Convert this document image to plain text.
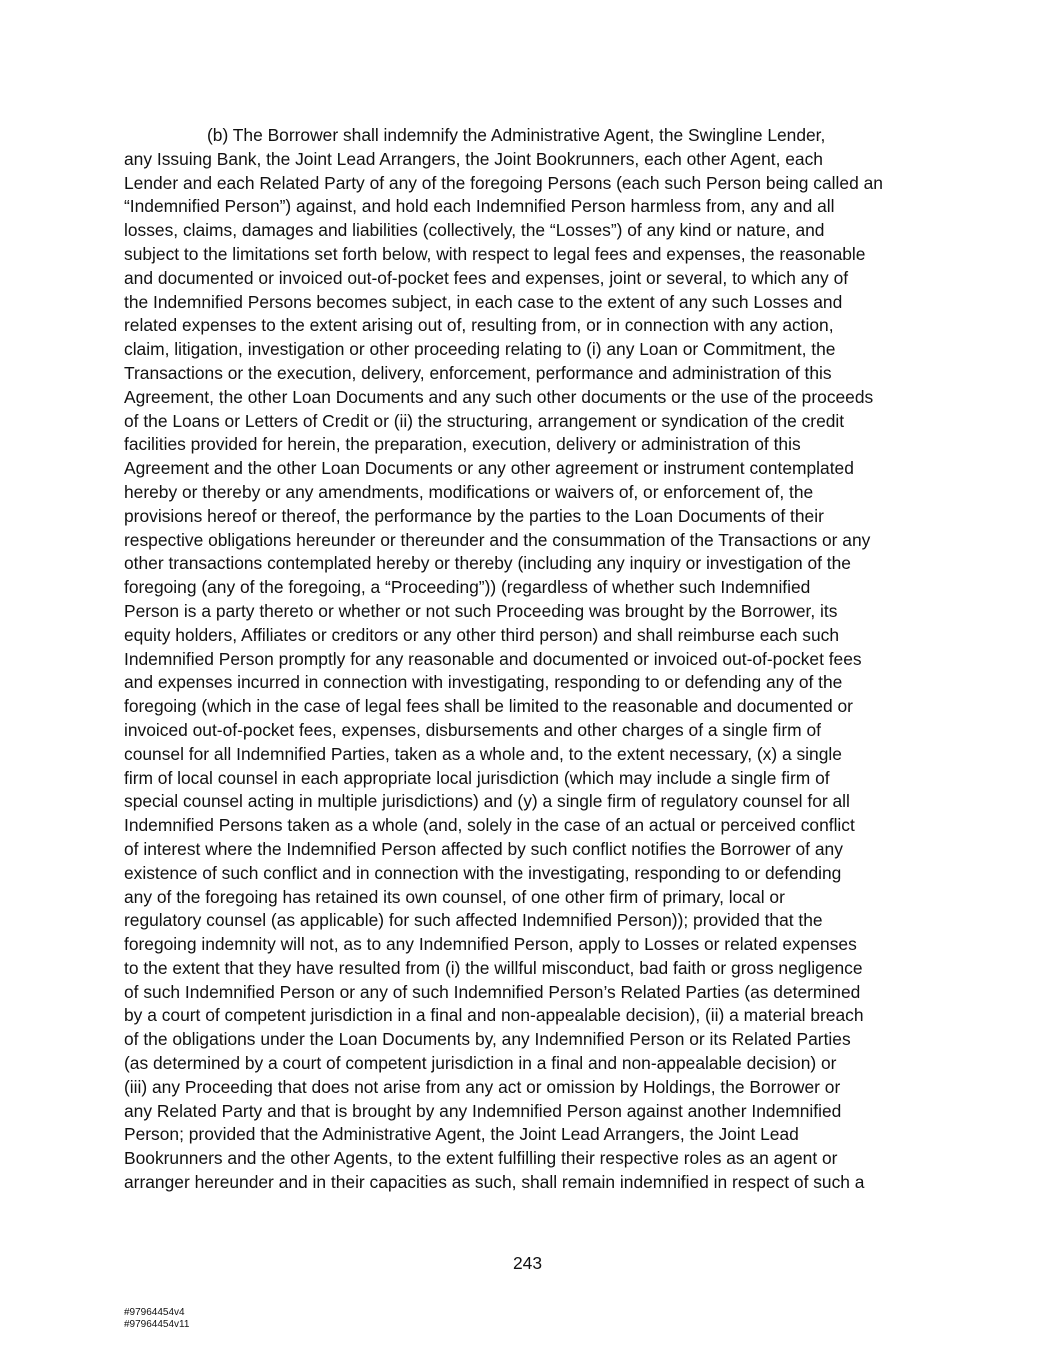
(b) The Borrower shall indemnify the Administrative Agent, the Swingline Lender,
any Issuing Bank, the Joint Lead Arrangers, the Joint Bookrunners, each other Agent, each
Lender and each Related Party of any of the foregoing Persons (each such Person being called an
“Indemnified Person”) against, and hold each Indemnified Person harmless from, any and all
losses, claims, damages and liabilities (collectively, the “Losses”) of any kind or nature, and
subject to the limitations set forth below, with respect to legal fees and expenses, the reasonable
and documented or invoiced out-of-pocket fees and expenses, joint or several, to which any of
the Indemnified Persons becomes subject, in each case to the extent of any such Losses and
related expenses to the extent arising out of, resulting from, or in connection with any action,
claim, litigation, investigation or other proceeding relating to (i) any Loan or Commitment, the
Transactions or the execution, delivery, enforcement, performance and administration of this
Agreement, the other Loan Documents and any such other documents or the use of the proceeds
of the Loans or Letters of Credit or (ii) the structuring, arrangement or syndication of the credit
facilities provided for herein, the preparation, execution, delivery or administration of this
Agreement and the other Loan Documents or any other agreement or instrument contemplated
hereby or thereby or any amendments, modifications or waivers of, or enforcement of, the
provisions hereof or thereof, the performance by the parties to the Loan Documents of their
respective obligations hereunder or thereunder and the consummation of the Transactions or any
other transactions contemplated hereby or thereby (including any inquiry or investigation of the
foregoing (any of the foregoing, a “Proceeding”)) (regardless of whether such Indemnified
Person is a party thereto or whether or not such Proceeding was brought by the Borrower, its
equity holders, Affiliates or creditors or any other third person) and shall reimburse each such
Indemnified Person promptly for any reasonable and documented or invoiced out-of-pocket fees
and expenses incurred in connection with investigating, responding to or defending any of the
foregoing (which in the case of legal fees shall be limited to the reasonable and documented or
invoiced out-of-pocket fees, expenses, disbursements and other charges of a single firm of
counsel for all Indemnified Parties, taken as a whole and, to the extent necessary, (x) a single
firm of local counsel in each appropriate local jurisdiction (which may include a single firm of
special counsel acting in multiple jurisdictions) and (y) a single firm of regulatory counsel for all
Indemnified Persons taken as a whole (and, solely in the case of an actual or perceived conflict
of interest where the Indemnified Person affected by such conflict notifies the Borrower of any
existence of such conflict and in connection with the investigating, responding to or defending
any of the foregoing has retained its own counsel, of one other firm of primary, local or
regulatory counsel (as applicable) for such affected Indemnified Person)); provided that the
foregoing indemnity will not, as to any Indemnified Person, apply to Losses or related expenses
to the extent that they have resulted from (i) the willful misconduct, bad faith or gross negligence
of such Indemnified Person or any of such Indemnified Person’s Related Parties (as determined
by a court of competent jurisdiction in a final and non-appealable decision), (ii) a material breach
of the obligations under the Loan Documents by, any Indemnified Person or its Related Parties
(as determined by a court of competent jurisdiction in a final and non-appealable decision) or
(iii) any Proceeding that does not arise from any act or omission by Holdings, the Borrower or
any Related Party and that is brought by any Indemnified Person against another Indemnified
Person; provided that the Administrative Agent, the Joint Lead Arrangers, the Joint Lead
Bookrunners and the other Agents, to the extent fulfilling their respective roles as an agent or
arranger hereunder and in their capacities as such, shall remain indemnified in respect of such a
243
#97964454v4
#97964454v11
